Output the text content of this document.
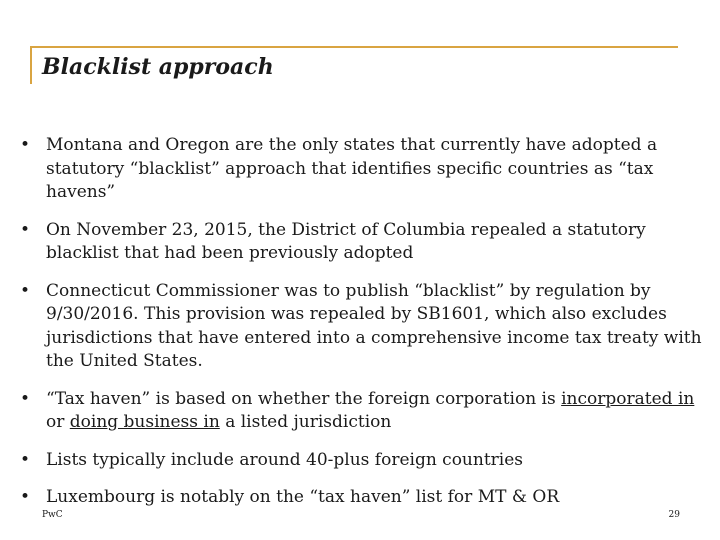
Blacklist approach
• Montana and Oregon are the only states that currently have adopted a statutory “blacklist” approach that identifies specific countries as “tax havens”
• On November 23, 2015, the District of Columbia repealed a statutory blacklist that had been previously adopted
• Connecticut Commissioner was to publish “blacklist” by regulation by 9/30/2016. This provision was repealed by SB1601, which also excludes jurisdictions that have entered into a comprehensive income tax treaty with the United States.
• “Tax haven” is based on whether the foreign corporation is incorporated in or doing business in a listed jurisdiction
• Lists typically include around 40-plus foreign countries
• Luxembourg is notably on the “tax haven” list for MT & OR
PwC	29
